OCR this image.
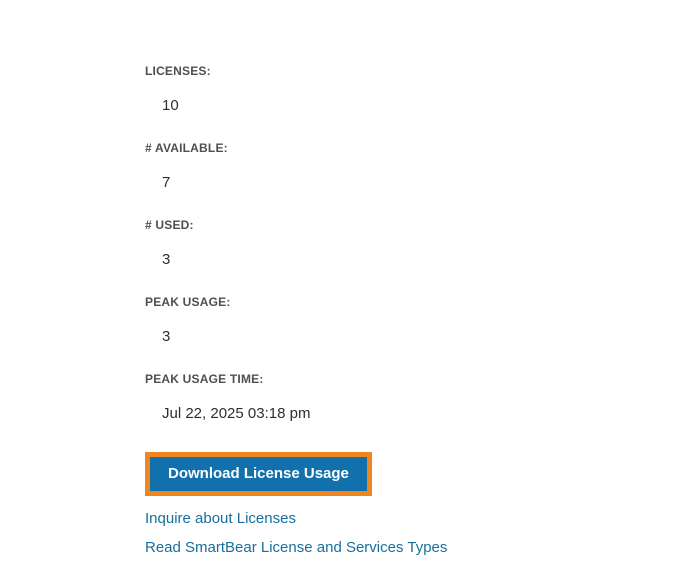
LICENSES:
10
# AVAILABLE:
7
# USED:
3
PEAK USAGE:
3
PEAK USAGE TIME:
Jul 22, 2025 03:18 pm
Download License Usage
Inquire about Licenses
Read SmartBear License and Services Types
